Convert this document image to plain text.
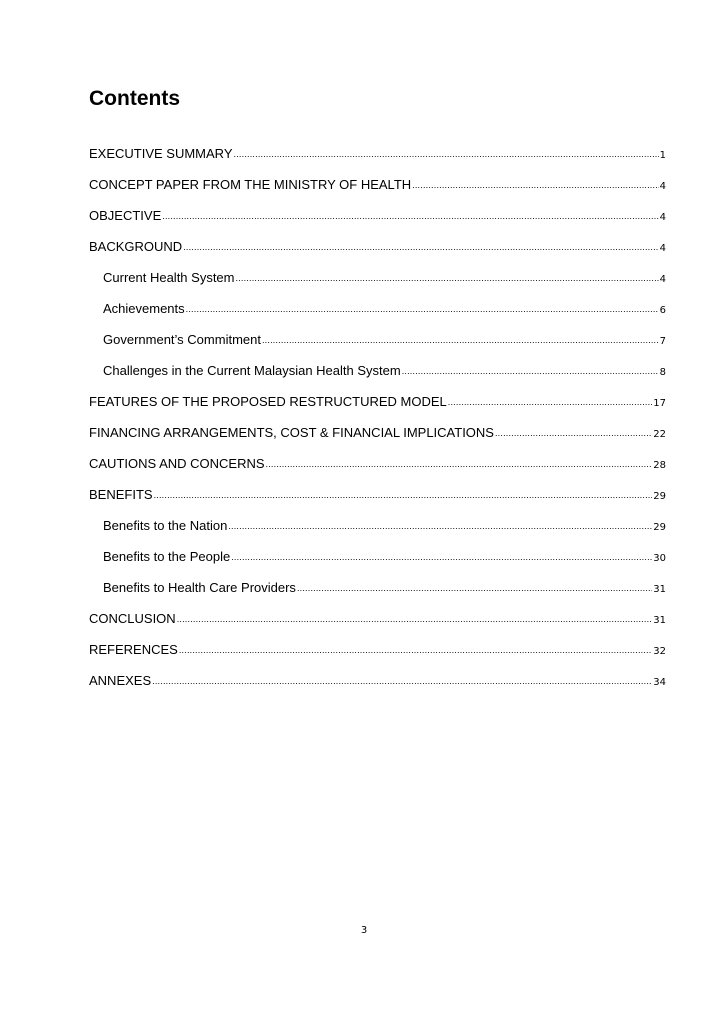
Contents
EXECUTIVE SUMMARY .....	1
CONCEPT PAPER FROM THE MINISTRY OF HEALTH .....	4
OBJECTIVE .....	4
BACKGROUND .....	4
Current Health System .....	4
Achievements .....	6
Government’s Commitment .....	7
Challenges in the Current Malaysian Health System .....	8
FEATURES OF THE PROPOSED RESTRUCTURED MODEL .....	17
FINANCING ARRANGEMENTS, COST & FINANCIAL IMPLICATIONS .....	22
CAUTIONS AND CONCERNS .....	28
BENEFITS .....	29
Benefits to the Nation .....	29
Benefits to the People .....	30
Benefits to Health Care Providers .....	31
CONCLUSION .....	31
REFERENCES .....	32
ANNEXES .....	34
3
